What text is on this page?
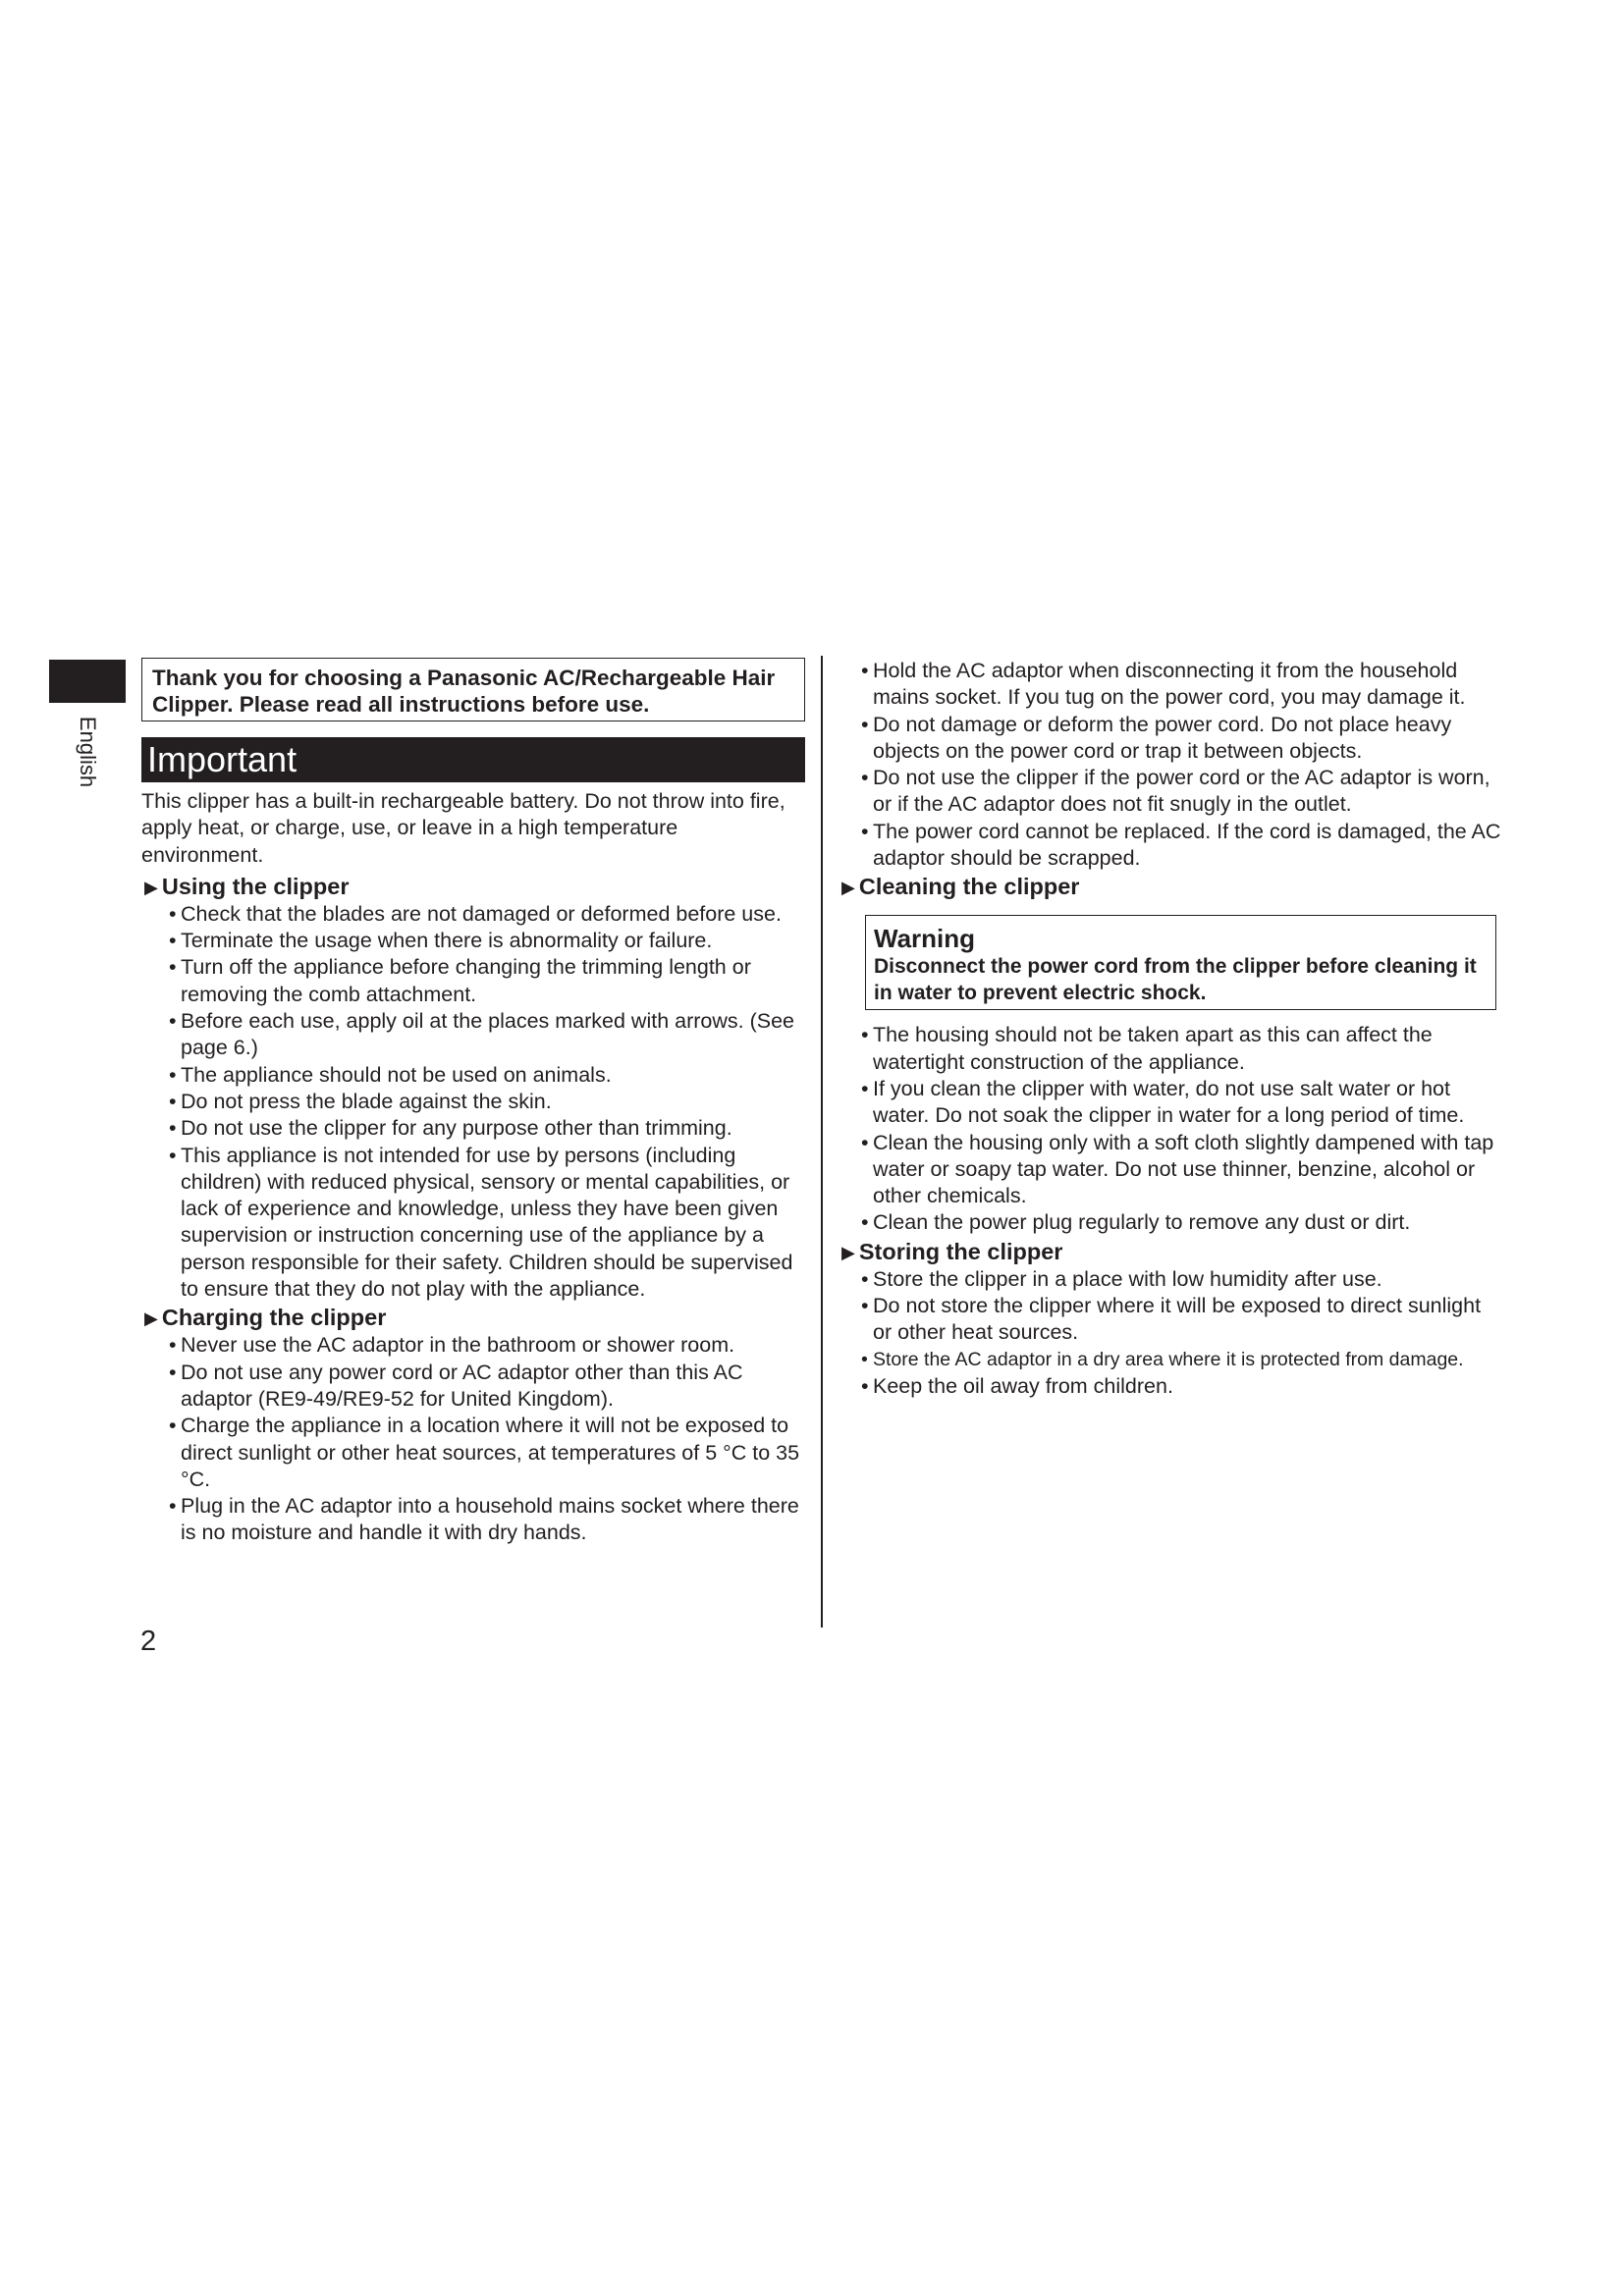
English
Thank you for choosing a Panasonic AC/Rechargeable Hair Clipper. Please read all instructions before use.
Important
This clipper has a built-in rechargeable battery. Do not throw into fire, apply heat, or charge, use, or leave in a high temperature environment.
▶ Using the clipper
• Check that the blades are not damaged or deformed before use.
• Terminate the usage when there is abnormality or failure.
• Turn off the appliance before changing the trimming length or removing the comb attachment.
• Before each use, apply oil at the places marked with arrows. (See page 6.)
• The appliance should not be used on animals.
• Do not press the blade against the skin.
• Do not use the clipper for any purpose other than trimming.
• This appliance is not intended for use by persons (including children) with reduced physical, sensory or mental capabilities, or lack of experience and knowledge, unless they have been given supervision or instruction concerning use of the appliance by a person responsible for their safety. Children should be supervised to ensure that they do not play with the appliance.
▶ Charging the clipper
• Never use the AC adaptor in the bathroom or shower room.
• Do not use any power cord or AC adaptor other than this AC adaptor (RE9-49/RE9-52 for United Kingdom).
• Charge the appliance in a location where it will not be exposed to direct sunlight or other heat sources, at temperatures of 5 °C to 35 °C.
• Plug in the AC adaptor into a household mains socket where there is no moisture and handle it with dry hands.
• Hold the AC adaptor when disconnecting it from the household mains socket. If you tug on the power cord, you may damage it.
• Do not damage or deform the power cord. Do not place heavy objects on the power cord or trap it between objects.
• Do not use the clipper if the power cord or the AC adaptor is worn, or if the AC adaptor does not fit snugly in the outlet.
• The power cord cannot be replaced. If the cord is damaged, the AC adaptor should be scrapped.
▶ Cleaning the clipper
Warning
Disconnect the power cord from the clipper before cleaning it in water to prevent electric shock.
• The housing should not be taken apart as this can affect the watertight construction of the appliance.
• If you clean the clipper with water, do not use salt water or hot water. Do not soak the clipper in water for a long period of time.
• Clean the housing only with a soft cloth slightly dampened with tap water or soapy tap water. Do not use thinner, benzine, alcohol or other chemicals.
• Clean the power plug regularly to remove any dust or dirt.
▶ Storing the clipper
• Store the clipper in a place with low humidity after use.
• Do not store the clipper where it will be exposed to direct sunlight or other heat sources.
• Store the AC adaptor in a dry area where it is protected from damage.
• Keep the oil away from children.
2
